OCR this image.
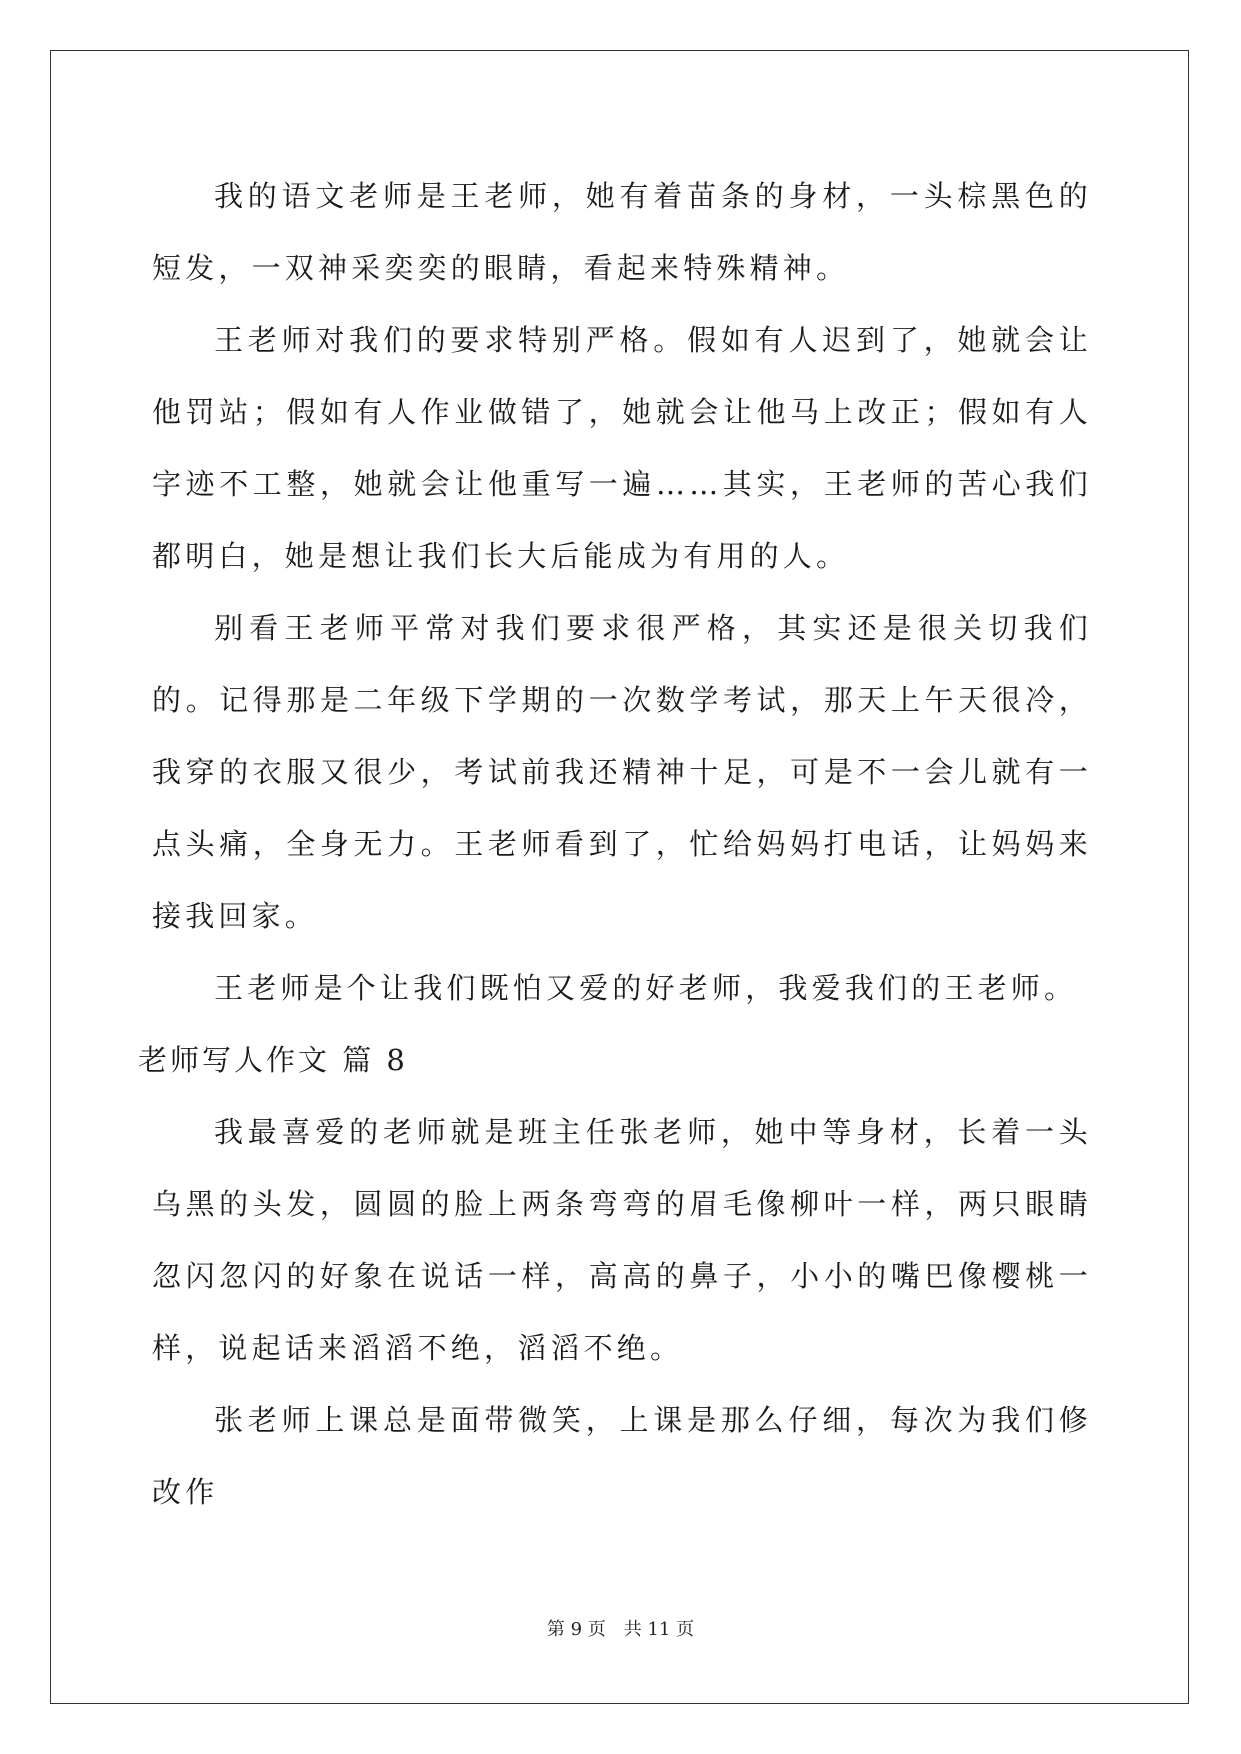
我的语文老师是王老师，她有着苗条的身材，一头棕黑色的短发，一双神采奕奕的眼睛，看起来特殊精神。

王老师对我们的要求特别严格。假如有人迟到了，她就会让他罚站；假如有人作业做错了，她就会让他马上改正；假如有人字迹不工整，她就会让他重写一遍……其实，王老师的苦心我们都明白，她是想让我们长大后能成为有用的人。

别看王老师平常对我们要求很严格，其实还是很关切我们的。记得那是二年级下学期的一次数学考试，那天上午天很冷，我穿的衣服又很少，考试前我还精神十足，可是不一会儿就有一点头痛，全身无力。王老师看到了，忙给妈妈打电话，让妈妈来接我回家。

王老师是个让我们既怕又爱的好老师，我爱我们的王老师。

老师写人作文 篇 8

我最喜爱的老师就是班主任张老师，她中等身材，长着一头乌黑的头发，圆圆的脸上两条弯弯的眉毛像柳叶一样，两只眼睛忽闪忽闪的好象在说话一样，高高的鼻子，小小的嘴巴像樱桃一样，说起话来滔滔不绝，滔滔不绝。

张老师上课总是面带微笑，上课是那么仔细，每次为我们修改作

第 9 页 共 11 页
